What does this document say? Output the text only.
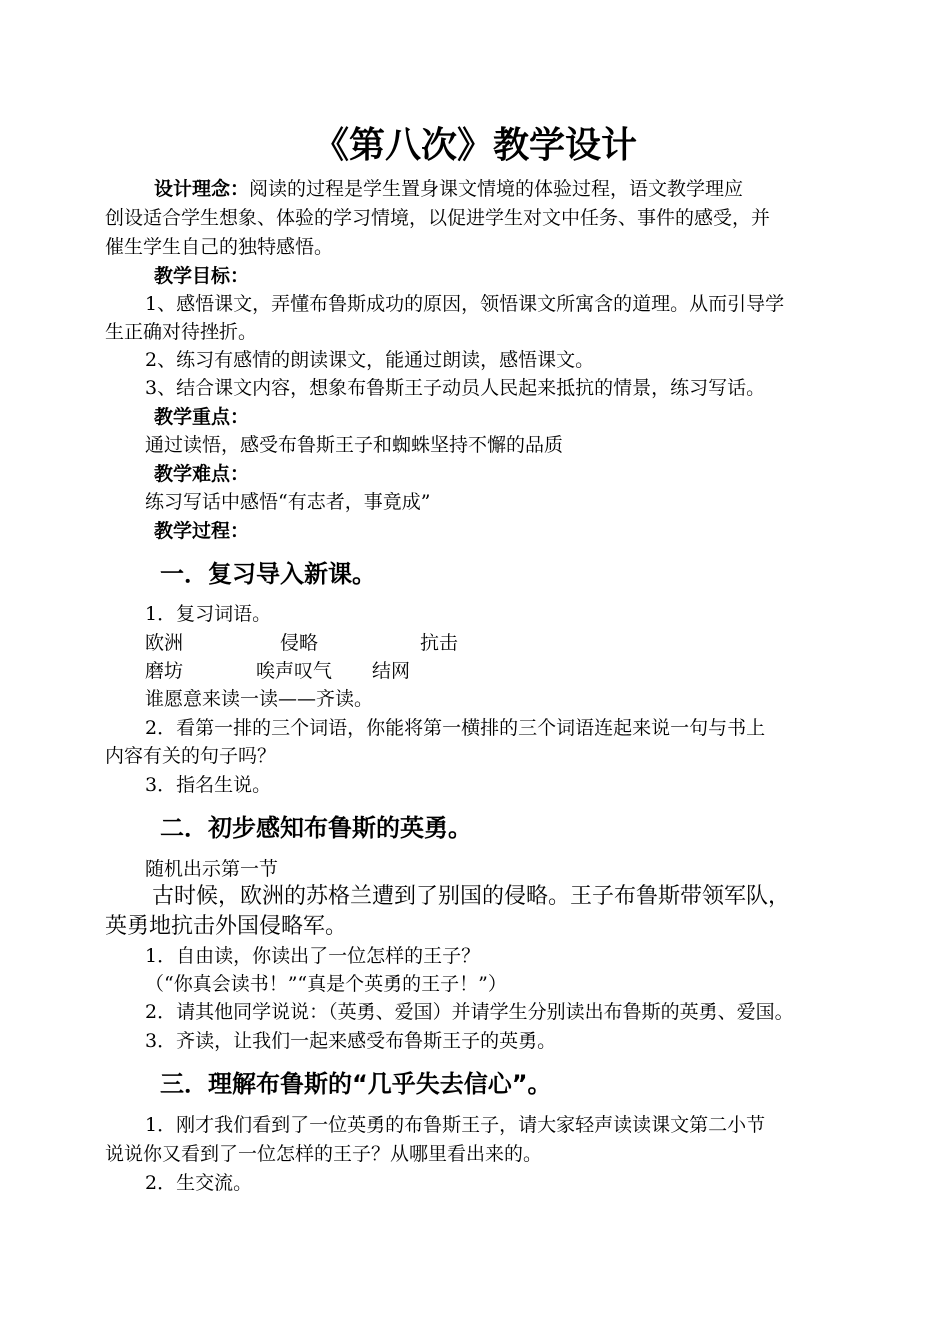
《第八次》教学设计
设计理念：阅读的过程是学生置身课文情境的体验过程，语文教学理应
创设适合学生想象、体验的学习情境，以促进学生对文中任务、事件的感受，并
催生学生自己的独特感悟。
教学目标：
1、感悟课文，弄懂布鲁斯成功的原因，领悟课文所寓含的道理。从而引导学
生正确对待挫折。
2、练习有感情的朗读课文，能通过朗读，感悟课文。
3、结合课文内容，想象布鲁斯王子动员人民起来抵抗的情景，练习写话。
教学重点：
通过读悟，感受布鲁斯王子和蜘蛛坚持不懈的品质
教学难点：
练习写话中感悟“有志者，事竟成”
教学过程：
一．复习导入新课。
1．复习词语。
欧洲	侵略	抗击
磨坊	唉声叹气 结网
谁愿意来读一读——齐读。
2．看第一排的三个词语，你能将第一横排的三个词语连起来说一句与书上
内容有关的句子吗？
3．指名生说。
二．初步感知布鲁斯的英勇。
随机出示第一节
古时候，欧洲的苏格兰遭到了别国的侵略。王子布鲁斯带领军队，
英勇地抗击外国侵略军。
1．自由读，你读出了一位怎样的王子？
（“你真会读书！”“真是个英勇的王子！”）
2．请其他同学说说：（英勇、爱国）并请学生分别读出布鲁斯的英勇、爱国。
3．齐读，让我们一起来感受布鲁斯王子的英勇。
三．理解布鲁斯的“几乎失去信心”。
1．刚才我们看到了一位英勇的布鲁斯王子，请大家轻声读读课文第二小节
说说你又看到了一位怎样的王子？从哪里看出来的。
2．生交流。
